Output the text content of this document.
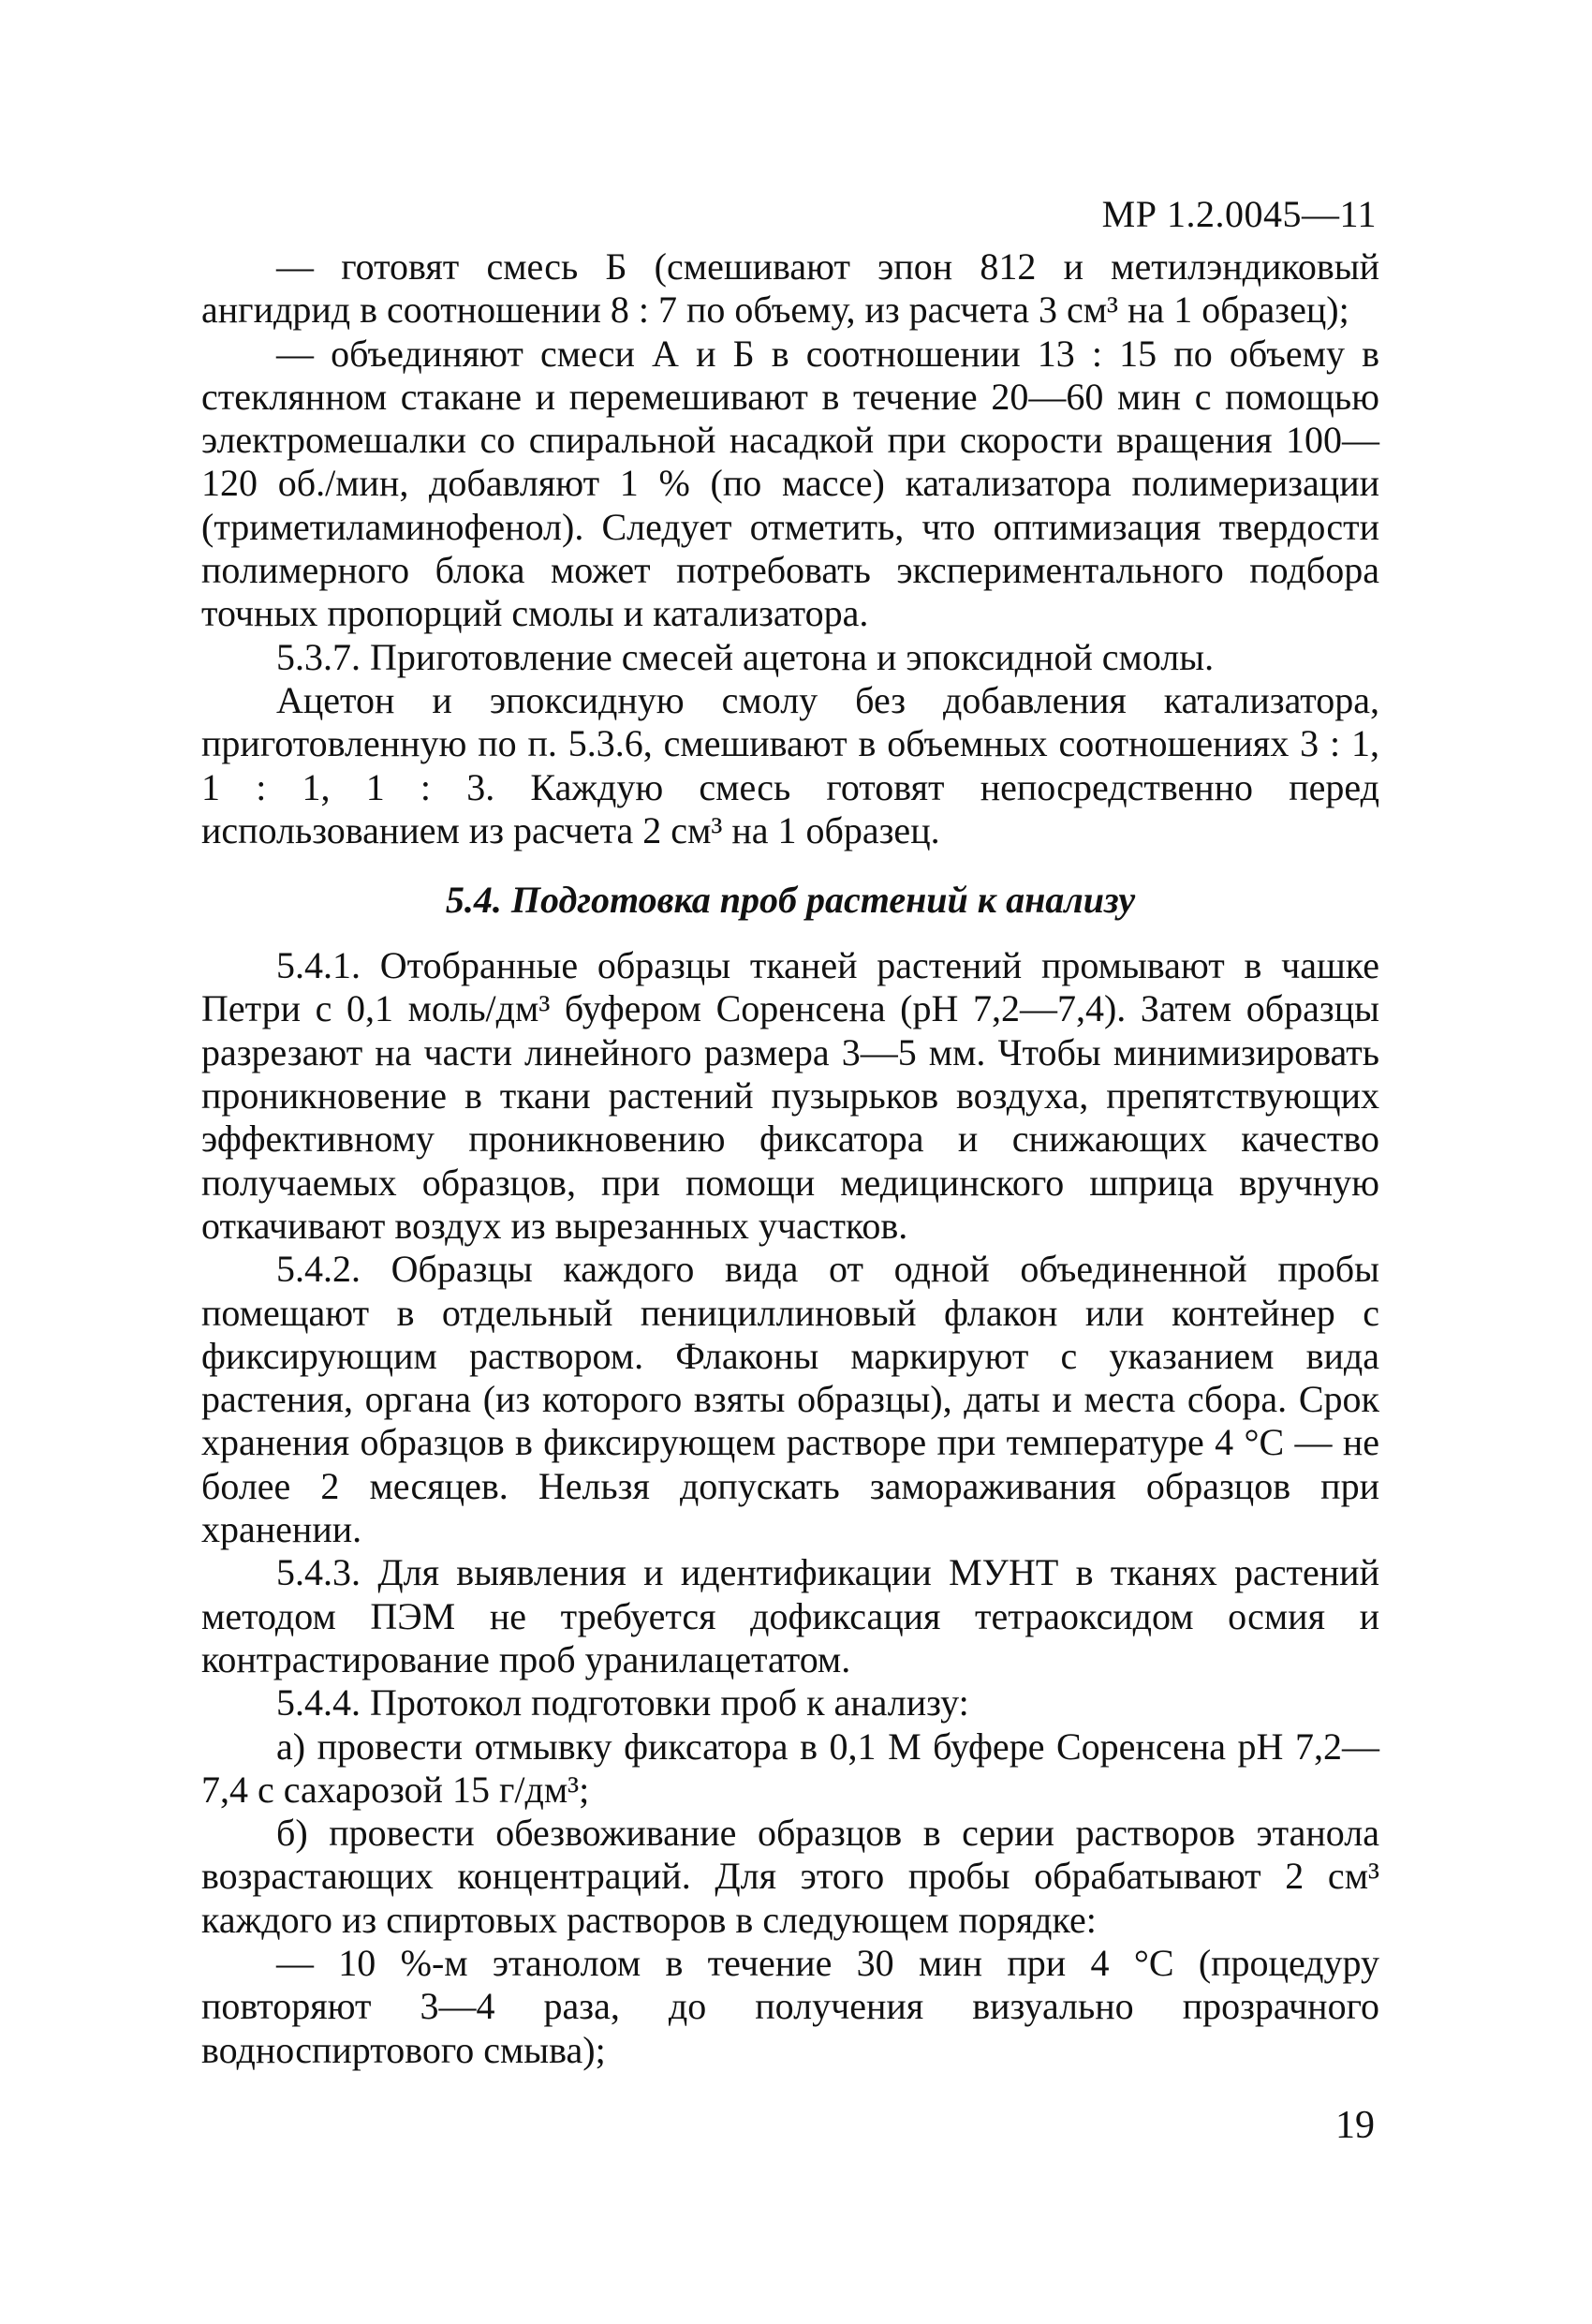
МР 1.2.0045—11

— готовят смесь Б (смешивают эпон 812 и метилэндиковый ангидрид в соотношении 8 : 7 по объему, из расчета 3 см³ на 1 образец);

— объединяют смеси А и Б в соотношении 13 : 15 по объему в стеклянном стакане и перемешивают в течение 20—60 мин с помощью электромешалки со спиральной насадкой при скорости вращения 100—120 об./мин, добавляют 1 % (по массе) катализатора полимеризации (триметиламинофенол). Следует отметить, что оптимизация твердости полимерного блока может потребовать экспериментального подбора точных пропорций смолы и катализатора.

5.3.7. Приготовление смесей ацетона и эпоксидной смолы.

Ацетон и эпоксидную смолу без добавления катализатора, приготовленную по п. 5.3.6, смешивают в объемных соотношениях 3 : 1, 1 : 1, 1 : 3. Каждую смесь готовят непосредственно перед использованием из расчета 2 см³ на 1 образец.

5.4. Подготовка проб растений к анализу

5.4.1. Отобранные образцы тканей растений промывают в чашке Петри с 0,1 моль/дм³ буфером Соренсена (рН 7,2—7,4). Затем образцы разрезают на части линейного размера 3—5 мм. Чтобы минимизировать проникновение в ткани растений пузырьков воздуха, препятствующих эффективному проникновению фиксатора и снижающих качество получаемых образцов, при помощи медицинского шприца вручную откачивают воздух из вырезанных участков.

5.4.2. Образцы каждого вида от одной объединенной пробы помещают в отдельный пенициллиновый флакон или контейнер с фиксирующим раствором. Флаконы маркируют с указанием вида растения, органа (из которого взяты образцы), даты и места сбора. Срок хранения образцов в фиксирующем растворе при температуре 4 °С — не более 2 месяцев. Нельзя допускать замораживания образцов при хранении.

5.4.3. Для выявления и идентификации МУНТ в тканях растений методом ПЭМ не требуется дофиксация тетраоксидом осмия и контрастирование проб уранилацетатом.

5.4.4. Протокол подготовки проб к анализу:

а) провести отмывку фиксатора в 0,1 М буфере Соренсена рН 7,2—7,4 с сахарозой 15 г/дм³;

б) провести обезвоживание образцов в серии растворов этанола возрастающих концентраций. Для этого пробы обрабатывают 2 см³ каждого из спиртовых растворов в следующем порядке:

— 10 %-м этанолом в течение 30 мин при 4 °С (процедуру повторяют 3—4 раза, до получения визуально прозрачного водноспиртового смыва);

19
